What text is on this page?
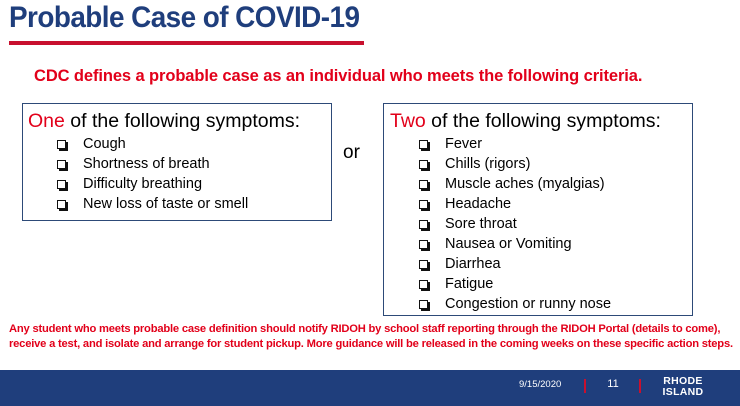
Probable Case of COVID-19
CDC defines a probable case as an individual who meets the following criteria.
One of the following symptoms:
Cough
Shortness of breath
Difficulty breathing
New loss of taste or smell
or
Two of the following symptoms:
Fever
Chills (rigors)
Muscle aches (myalgias)
Headache
Sore throat
Nausea or Vomiting
Diarrhea
Fatigue
Congestion or runny nose
Any student who meets probable case definition should notify RIDOH by school staff reporting through the RIDOH Portal (details to come), receive a test, and isolate and arrange for student pickup. More guidance will be released in the coming weeks on these specific action steps.
9/15/2020	11	RHODE
ISLAND
